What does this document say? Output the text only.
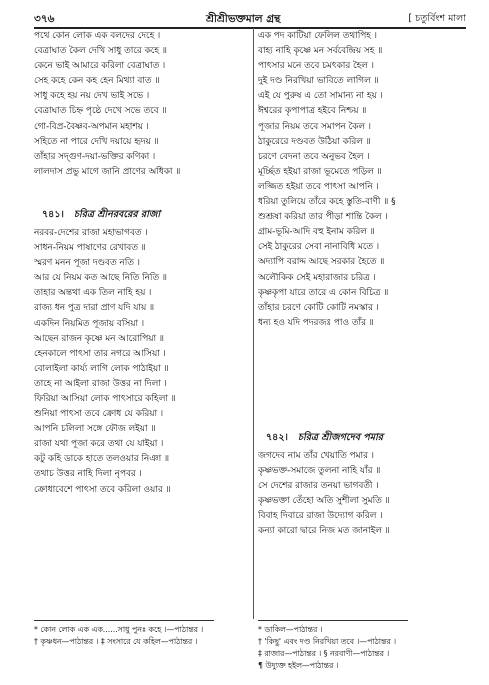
৩৭৬	শ্রীশ্রীভক্তমাল গ্রন্থ	[ চতুর্বিংশ মালা
পথে কোন লোক এক বলদের দেহে ।
বেত্রাঘাত কৈল দেখি সাধু তারে কহে ॥
কেনে ভাই আমারে করিলা বেত্রাঘাত ।
সেহ কহে কেন কহ হেন মিথ্যা বাত ॥
সাধু কহে হয় নয় দেখ ভাই সভে ।
বেত্রাঘাত চিহ্ন পৃষ্ঠে দেখে সভে তবে ॥
গো-বিপ্র-বৈষ্ণব-অপমান মহাশয় ।
সহিতে না পারে দেখি দয়ায়ে হৃদয় ॥
তাঁহার সদ্গুণ-দয়া-ভক্তির কণিকা ।
লালদাস প্রভু মাগে জানি প্রাণের অধিকা ॥
৭৪১। চরিত্র শ্রীনরবরের রাজা
নরবর-দেশের রাজা মহাভাগবত ।
সাধন-নিয়ম পাষাণের রেখাবত ॥
স্মরণ মনন পূজা দণ্ডবত নতি ।
আর যে নিয়ম কত আছে নিতি নিতি ॥
তাহার অন্তথা এক তিল নাহি হয় ।
রাজ্য ধন পুত্র দারা প্রাণ যদি যায় ॥
একদিন নিয়মিত পূজায় বসিয়া ।
আছেন রাজন কৃষ্ণে মন আরোপিয়া ॥
হেনকালে পাৎসা তার নগরে আসিয়া ।
বোলাইলা কার্য্য লাগি লোক পাঠাইয়া ॥
তাহে না আইলা রাজা উত্তর না দিলা ।
ফিরিয়া আসিয়া লোক পাৎসারে কহিলা ॥
শুনিয়া পাৎসা তবে ক্রোধ যে করিয়া ।
আপনি চলিলা সঙ্গে ফৌজ লইয়া ॥
রাজা যথা পূজা করে তথা যে যাইয়া ।
কটু কহি ডাকে হাতে তলওয়ার নিঞা ॥
তথাচ উত্তর নাহি দিলা নৃপবর ।
ক্রোধাবেশে পাৎসা তবে করিলা ওয়ার ॥
এক পদ কাটিয়া ফেলিল তথাপিহ ।
বাহ্য নাহি কৃষ্ণে মন সর্ববেন্দ্রিয় সহ ॥
পাৎসার মনে তবে চমৎকার হৈল ।
দুই দণ্ড নিরখিয়া ভাবিতে লাগিল ॥
এই যে পুরুষ এ তো সামান্য না হয় ।
ঈশ্বরের কৃপাপাত্র হইবে নিশ্চয় ॥
পূজার নিয়ম তবে সমাপন কৈল ।
ঠাকুরেরে দণ্ডবত উঠিয়া করিল ॥
চরণে বেদনা তবে অনুভব হৈল ।
মূর্চ্ছিত হইয়া রাজা ভূমেতে পড়িল ॥
লজ্জিত হইয়া তবে পাৎসা আপনি ।
ধরিয়া তুলিয়ে তাঁরে কহে স্তুতি-বাণী ॥ §
শুশ্রূষা করিয়া তার পীড়া শান্তি কৈল ।
গ্রাম-ভূমি-আদি বহু ইনাম করিল ॥
সেই ঠাকুরের সেবা নানাবিধি মতে ।
অদ্যাপি বরাদ্দ আছে সরকার হৈতে ॥
অলৌকিক সেই মহারাজার চরিত্র ।
কৃষ্ণকৃপা যারে তারে এ কোন বিচিত্র ॥
তাঁহার চরণে কোটি কোটি নমস্কার ।
ধন্য হও যদি পদরজঃ পাও তাঁর ॥
৭৪২। চরিত্র শ্রীজগদেব পমার
জগদেব নাম তাঁর খেয়াতি পমার ।
কৃষ্ণভক্ত-সমাজে তুলনা নাহি যাঁর ॥
সে দেশের রাজার তনয়া ভাগবতী ।
কৃষ্ণভক্তা তেঁহো অতি সুশীলা সুমতি ॥
বিবাহ দিবারে রাজা উদ্যোগ করিল ।
কন্যা কারো দ্বারে নিজ মত জানাইল ॥
* কোন লোক এক এক......সাধু পুনঃ কহে ।—পাঠান্তর ।
† কৃষ্ণধন—পাঠান্তর । ‡ সংসারে যে কহিল—পাঠান্তর ।
* ডাকিল—পাঠান্তর ।
† 'কিছু' এবং দণ্ড নিরখিয়া তবে ।—পাঠান্তর ।
‡ রাজার—পাঠান্তর । § নরবাণী—পাঠান্তর ।
¶ উদ্যুক্ত হইল—পাঠান্তর ।
